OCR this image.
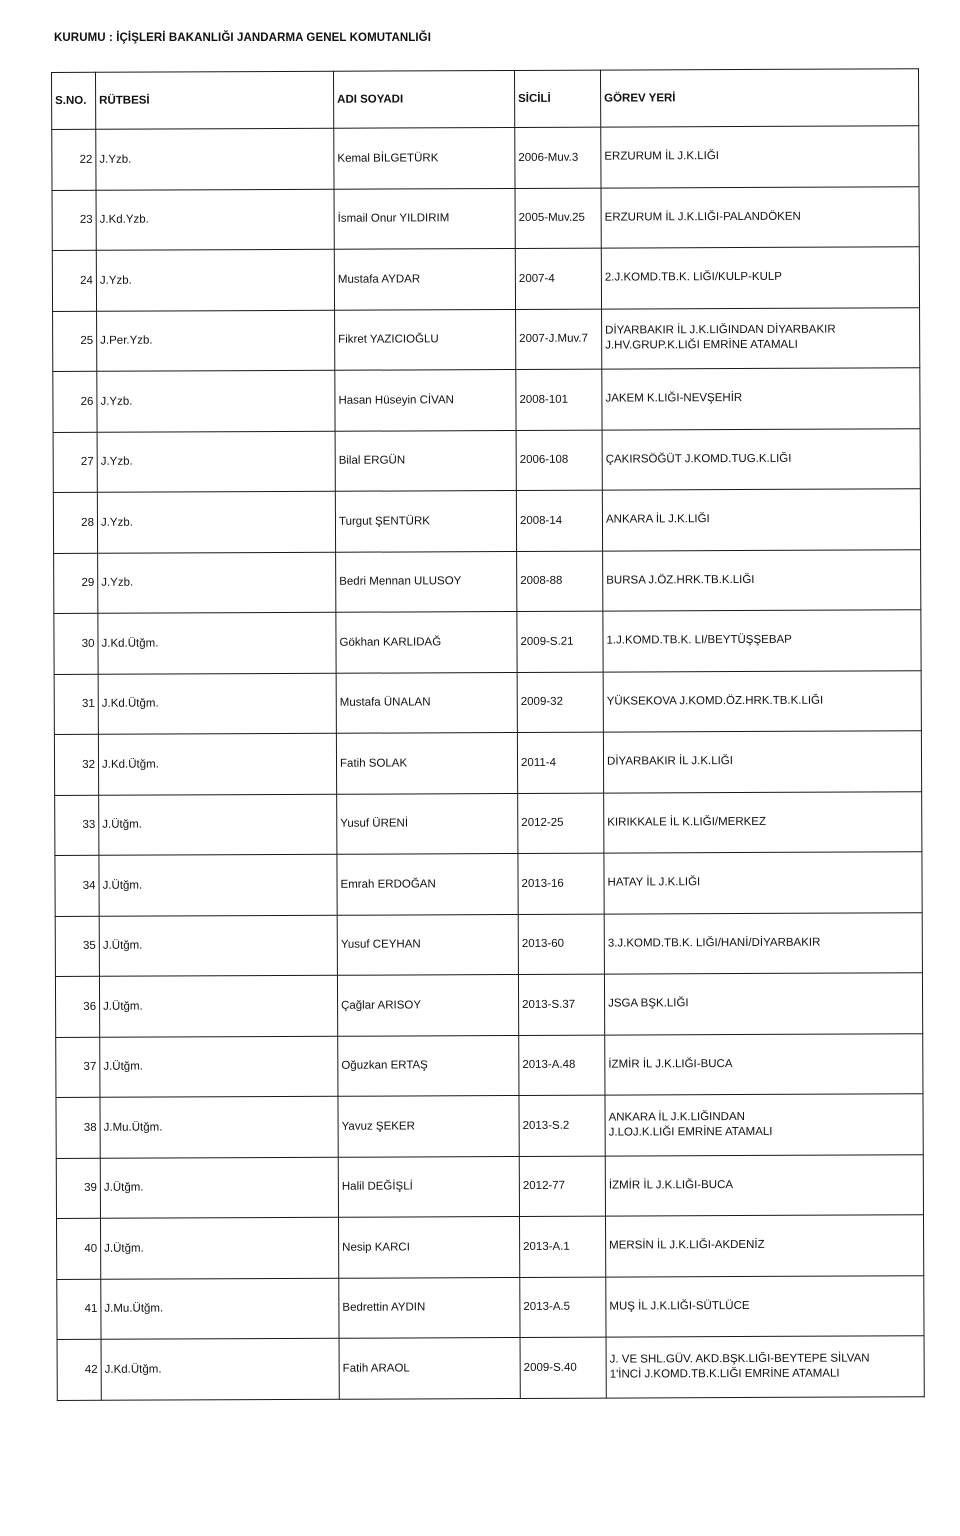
KURUMU : İÇİŞLERİ BAKANLIĞI JANDARMA GENEL KOMUTANLIĞI
S.NO.	RÜTBESİ	ADI SOYADI	SİCİLİ	GÖREV YERİ
22	J.Yzb.	Kemal BİLGETÜRK	2006-Muv.3	ERZURUM İL J.K.LIĞI

23	J.Kd.Yzb.	İsmail Onur YILDIRIM	2005-Muv.25	ERZURUM İL J.K.LIĞI-PALANDÖKEN

24	J.Yzb.	Mustafa AYDAR	2007-4	2.J.KOMD.TB.K. LIĞI/KULP-KULP

25	J.Per.Yzb.	Fikret YAZICIOĞLU	2007-J.Muv.7	DİYARBAKIR İL J.K.LIĞINDAN DİYARBAKIR
J.HV.GRUP.K.LIĞI EMRİNE ATAMALI

26	J.Yzb.	Hasan Hüseyin CİVAN	2008-101	JAKEM K.LIĞI-NEVŞEHİR

27	J.Yzb.	Bilal ERGÜN	2006-108	ÇAKIRSÖĞÜT J.KOMD.TUG.K.LIĞI

28	J.Yzb.	Turgut ŞENTÜRK	2008-14	ANKARA İL J.K.LIĞI

29	J.Yzb.	Bedri Mennan ULUSOY	2008-88	BURSA J.ÖZ.HRK.TB.K.LIĞI

30	J.Kd.Ütğm.	Gökhan KARLIDAĞ	2009-S.21	1.J.KOMD.TB.K. LI/BEYTÜŞŞEBAP

31	J.Kd.Ütğm.	Mustafa ÜNALAN	2009-32	YÜKSEKOVA J.KOMD.ÖZ.HRK.TB.K.LIĞI

32	J.Kd.Ütğm.	Fatih SOLAK	2011-4	DİYARBAKIR İL J.K.LIĞI

33	J.Ütğm.	Yusuf ÜRENİ	2012-25	KIRIKKALE İL K.LIĞI/MERKEZ

34	J.Ütğm.	Emrah ERDOĞAN	2013-16	HATAY İL J.K.LIĞI

35	J.Ütğm.	Yusuf CEYHAN	2013-60	3.J.KOMD.TB.K. LIĞI/HANİ/DİYARBAKIR

36	J.Ütğm.	Çağlar ARISOY	2013-S.37	JSGA BŞK.LIĞI

37	J.Ütğm.	Oğuzkan ERTAŞ	2013-A.48	İZMİR İL J.K.LIĞI-BUCA

38	J.Mu.Ütğm.	Yavuz ŞEKER	2013-S.2	ANKARA İL J.K.LIĞINDAN
J.LOJ.K.LIĞI EMRİNE ATAMALI

39	J.Ütğm.	Halil DEĞİŞLİ	2012-77	İZMİR İL J.K.LIĞI-BUCA

40	J.Ütğm.	Nesip KARCI	2013-A.1	MERSİN İL J.K.LIĞI-AKDENİZ

41	J.Mu.Ütğm.	Bedrettin AYDIN	2013-A.5	MUŞ İL J.K.LIĞI-SÜTLÜCE

42	J.Kd.Ütğm.	Fatih ARAOL	2009-S.40	J. VE SHL.GÜV. AKD.BŞK.LIĞI-BEYTEPE SİLVAN
1'İNCİ J.KOMD.TB.K.LIĞI EMRİNE ATAMALI
